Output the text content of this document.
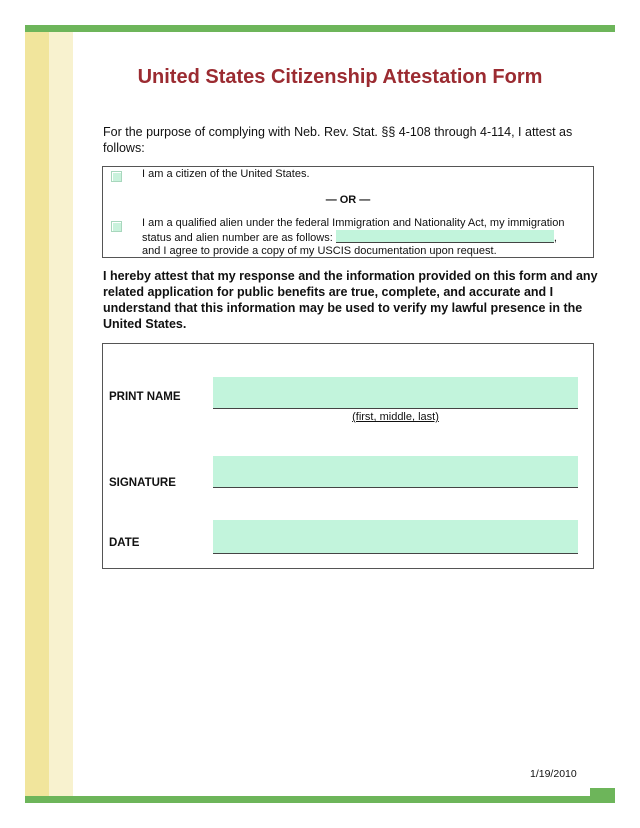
United States Citizenship Attestation Form
For the purpose of complying with Neb. Rev. Stat. §§ 4-108 through 4-114, I attest as follows:
I am a citizen of the United States.
— OR —
I am a qualified alien under the federal Immigration and Nationality Act, my immigration
status and alien number are as follows:	,
and I agree to provide a copy of my USCIS documentation upon request.
I hereby attest that my response and the information provided on this form and any related application for public benefits are true, complete, and accurate and I understand that this information may be used to verify my lawful presence in the United States.
PRINT NAME
(first, middle, last)
SIGNATURE
DATE
1/19/2010
